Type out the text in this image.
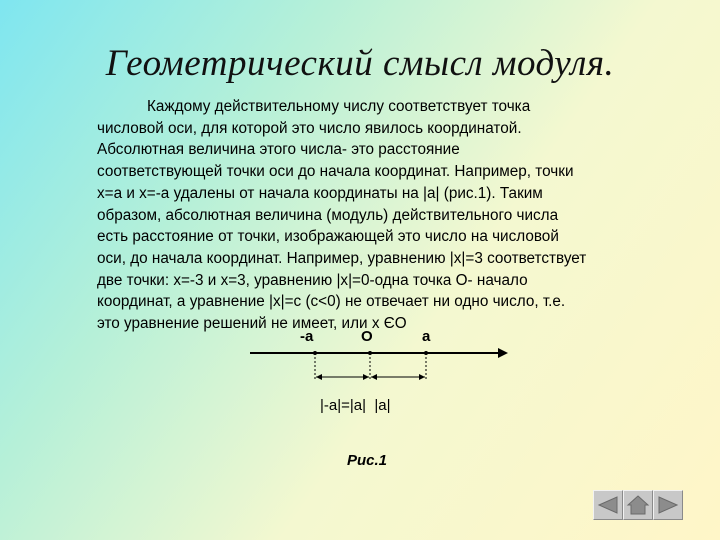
Геометрический смысл модуля.

Каждому действительному числу соответствует точка

числовой оси, для которой это число явилось координатой.

Абсолютная величина этого числа- это расстояние

соответствующей точки оси до начала координат. Например, точки

x=a и x=-a удалены от начала координаты на |a| (рис.1). Таким

образом, абсолютная величина (модуль) действительного числа

есть расстояние от точки, изображающей это число на числовой

оси, до начала координат. Например, уравнению |x|=3 соответствует

две точки: x=-3 и x=3, уравнению |x|=0-одна точка О- начало

координат, а уравнение |x|=c (c<0) не отвечает ни одно число, т.е.

это уравнение решений не имеет, или x ЄO

-a	O	a
|-a|=|a|  |a|
Рис.1
